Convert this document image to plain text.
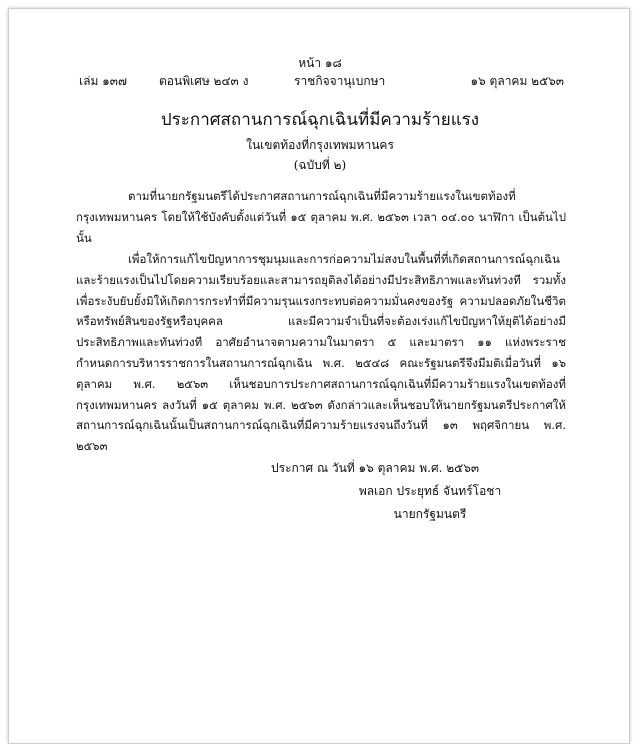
หน้า ๑๘
เล่ม ๑๓๗	ตอนพิเศษ ๒๔๓ ง	ราชกิจจานุเบกษา	๑๖ ตุลาคม ๒๕๖๓
ประกาศสถานการณ์ฉุกเฉินที่มีความร้ายแรง
ในเขตท้องที่กรุงเทพมหานคร
(ฉบับที่ ๒)

ตามที่นายกรัฐมนตรีได้ประกาศสถานการณ์ฉุกเฉินที่มีความร้ายแรงในเขตท้องที่กรุงเทพมหานคร โดยให้ใช้บังคับตั้งแต่วันที่ ๑๕ ตุลาคม พ.ศ. ๒๕๖๓ เวลา ๐๔.๐๐ นาฬิกา เป็นต้นไป นั้น

เพื่อให้การแก้ไขปัญหาการชุมนุมและการก่อความไม่สงบในพื้นที่ที่เกิดสถานการณ์ฉุกเฉินและร้ายแรงเป็นไปโดยความเรียบร้อยและสามารถยุติลงได้อย่างมีประสิทธิภาพและทันท่วงที รวมทั้งเพื่อระงับยับยั้งมิให้เกิดการกระทำที่มีความรุนแรงกระทบต่อความมั่นคงของรัฐ ความปลอดภัยในชีวิตหรือทรัพย์สินของรัฐหรือบุคคล และมีความจำเป็นที่จะต้องเร่งแก้ไขปัญหาให้ยุติได้อย่างมีประสิทธิภาพและทันท่วงที อาศัยอำนาจตามความในมาตรา ๕ และมาตรา ๑๑ แห่งพระราชกำหนดการบริหารราชการในสถานการณ์ฉุกเฉิน พ.ศ. ๒๕๔๘ คณะรัฐมนตรีจึงมีมติเมื่อวันที่ ๑๖ ตุลาคม พ.ศ. ๒๕๖๓ เห็นชอบการประกาศสถานการณ์ฉุกเฉินที่มีความร้ายแรงในเขตท้องที่กรุงเทพมหานคร ลงวันที่ ๑๕ ตุลาคม พ.ศ. ๒๕๖๓ ดังกล่าวและเห็นชอบให้นายกรัฐมนตรีประกาศให้สถานการณ์ฉุกเฉินนั้นเป็นสถานการณ์ฉุกเฉินที่มีความร้ายแรงจนถึงวันที่ ๑๓ พฤศจิกายน พ.ศ. ๒๕๖๓

ประกาศ ณ วันที่ ๑๖ ตุลาคม พ.ศ. ๒๕๖๓
พลเอก ประยุทธ์ จันทร์โอชา
นายกรัฐมนตรี
